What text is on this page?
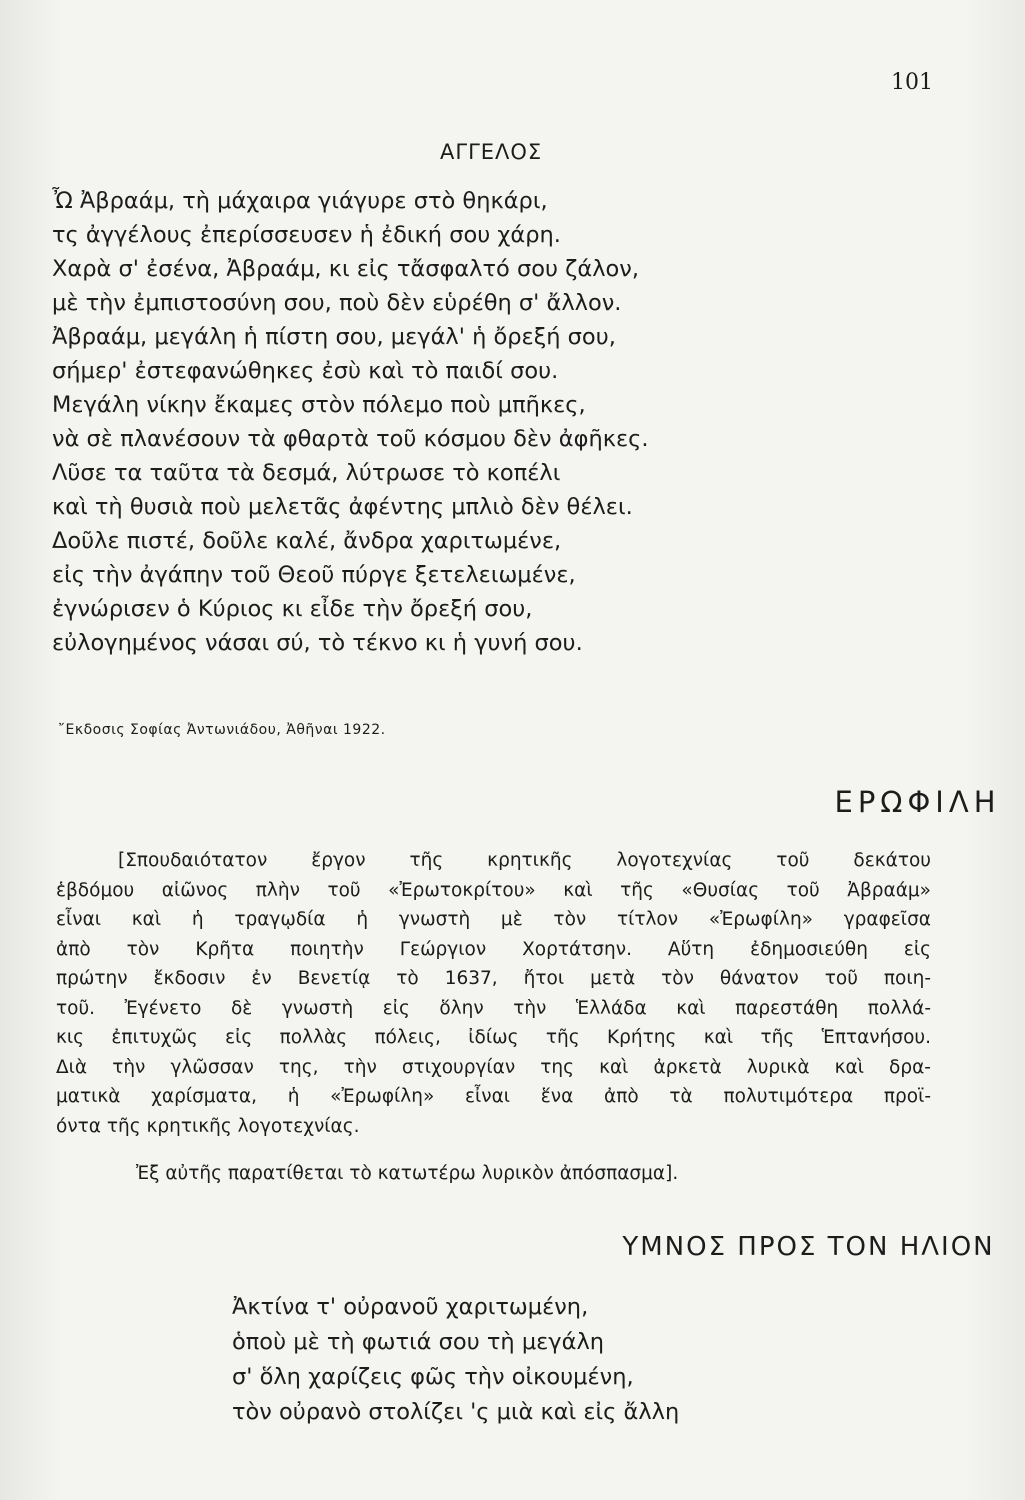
101
ΑΓΓΕΛΟΣ
Ὦ Ἀβραάμ, τὴ μάχαιρα γιάγυρε στὸ θηκάρι,
τς ἀγγέλους ἐπερίσσευσεν ἡ ἐδική σου χάρη.
Χαρὰ σ' ἐσένα, Ἀβραάμ, κι εἰς τἄσφαλτό σου ζάλον,
μὲ τὴν ἐμπιστοσύνη σου, ποὺ δὲν εὑρέθη σ' ἄλλον.
Ἀβραάμ, μεγάλη ἡ πίστη σου, μεγάλ' ἡ ὄρεξή σου,
σήμερ' ἐστεφανώθηκες ἐσὺ καὶ τὸ παιδί σου.
Μεγάλη νίκην ἔκαμες στὸν πόλεμο ποὺ μπῆκες,
νὰ σὲ πλανέσουν τὰ φθαρτὰ τοῦ κόσμου δὲν ἀφῆκες.
Λῦσε τα ταῦτα τὰ δεσμά, λύτρωσε τὸ κοπέλι
καὶ τὴ θυσιὰ ποὺ μελετᾶς ἀφέντης μπλιὸ δὲν θέλει.
Δοῦλε πιστέ, δοῦλε καλέ, ἄνδρα χαριτωμένε,
εἰς τὴν ἀγάπην τοῦ Θεοῦ πύργε ξετελειωμένε,
ἐγνώρισεν ὁ Κύριος κι εἶδε τὴν ὄρεξή σου,
εὐλογημένος νάσαι σύ, τὸ τέκνο κι ἡ γυνή σου.
῎Εκδοσις Σοφίας Ἀντωνιάδου, Ἀθῆναι 1922.
ΕΡΩΦΙΛΗ
[Σπουδαιότατον ἔργον τῆς κρητικῆς λογοτεχνίας τοῦ δεκάτου
ἑβδόμου αἰῶνος πλὴν τοῦ «Ἐρωτοκρίτου» καὶ τῆς «Θυσίας τοῦ Ἀβραάμ»
εἶναι καὶ ἡ τραγῳδία ἡ γνωστὴ μὲ τὸν τίτλον «Ἐρωφίλη» γραφεῖσα
ἀπὸ τὸν Κρῆτα ποιητὴν Γεώργιον Χορτάτσην. Αὕτη ἐδημοσιεύθη εἰς
πρώτην ἔκδοσιν ἐν Βενετίᾳ τὸ 1637, ἤτοι μετὰ τὸν θάνατον τοῦ ποιη-
τοῦ. Ἐγένετο δὲ γνωστὴ εἰς ὅλην τὴν Ἑλλάδα καὶ παρεστάθη πολλά-
κις ἐπιτυχῶς εἰς πολλὰς πόλεις, ἰδίως τῆς Κρήτης καὶ τῆς Ἑπτανήσου.
Διὰ τὴν γλῶσσαν της, τὴν στιχουργίαν της καὶ ἀρκετὰ λυρικὰ καὶ δρα-
ματικὰ χαρίσματα, ἡ «Ἐρωφίλη» εἶναι ἕνα ἀπὸ τὰ πολυτιμότερα προϊ-
όντα τῆς κρητικῆς λογοτεχνίας.
Ἐξ αὐτῆς παρατίθεται τὸ κατωτέρω λυρικὸν ἀπόσπασμα].
ΥΜΝΟΣ ΠΡΟΣ ΤΟΝ ΗΛΙΟΝ
Ἀκτίνα τ' οὐρανοῦ χαριτωμένη,
ὁποὺ μὲ τὴ φωτιά σου τὴ μεγάλη
σ' ὅλη χαρίζεις φῶς τὴν οἰκουμένη,
τὸν οὐρανὸ στολίζει 'ς μιὰ καὶ εἰς ἄλλη
